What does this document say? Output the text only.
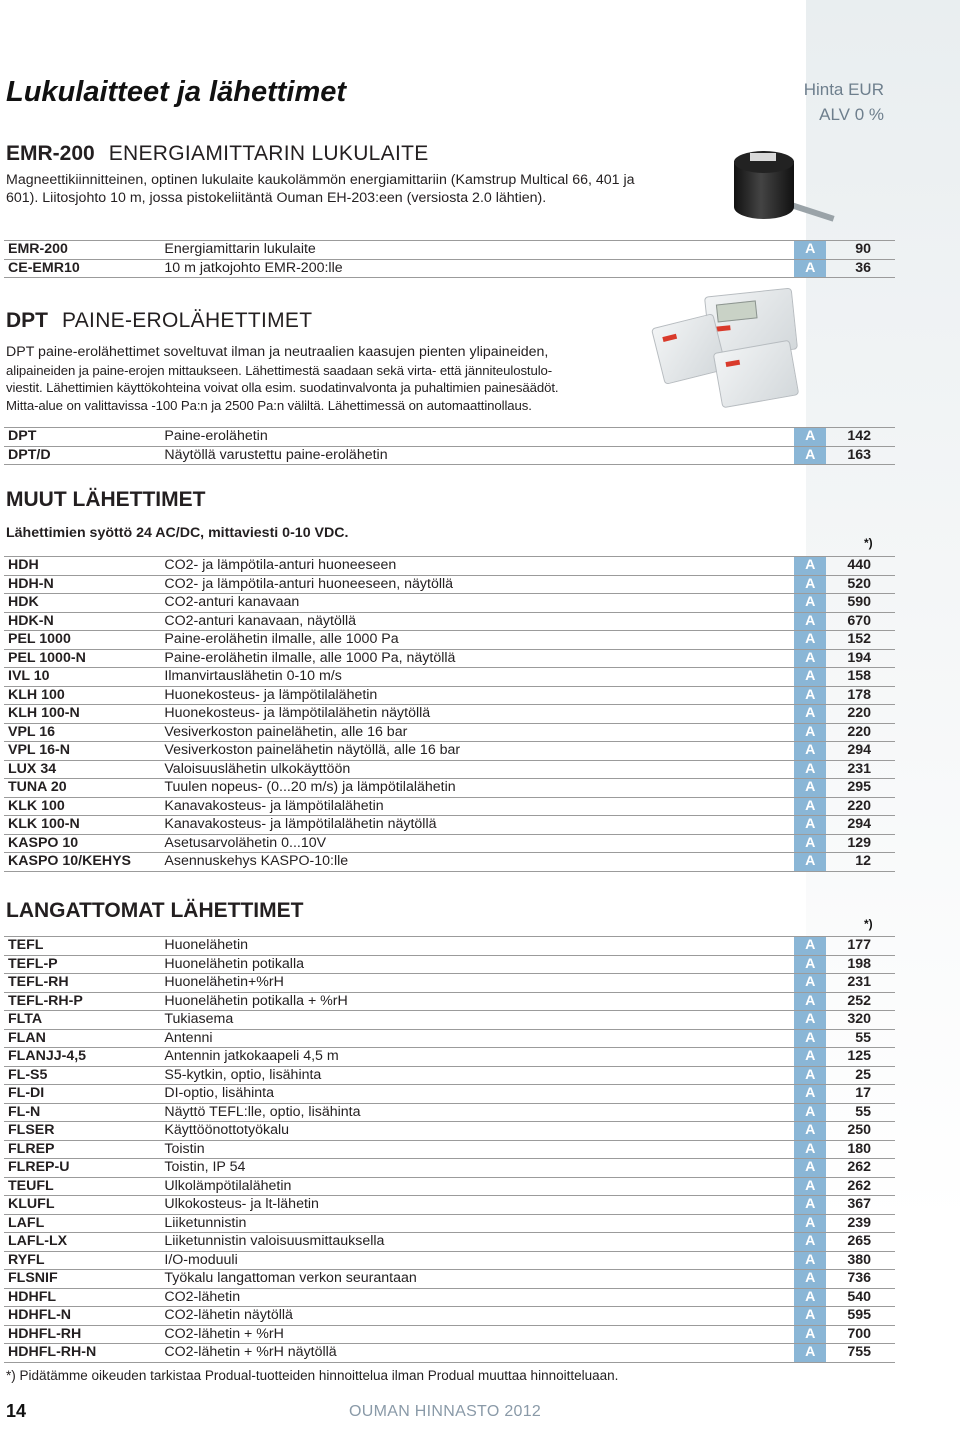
Lukulaitteet ja lähettimet	Hinta EUR
ALV 0 %
EMR-200 ENERGIAMITTARIN LUKULAITE
Magneettikiinnitteinen, optinen lukulaite kaukolämmön energiamittariin (Kamstrup Multical 66, 401 ja
601). Liitosjohto 10 m, jossa pistokeliitäntä Ouman EH-203:een (versiosta 2.0 lähtien).
EMR-200	Energiamittarin lukulaite	A	90
CE-EMR10	10 m jatkojohto EMR-200:lle	A	36
DPT PAINE-EROLÄHETTIMET
DPT paine-erolähettimet soveltuvat ilman ja neutraalien kaasujen pienten ylipaineiden,
alipaineiden ja paine-erojen mittaukseen. Lähettimestä saadaan sekä virta- että jänniteulostulo-
viestit. Lähettimien käyttökohteina voivat olla esim. suodatinvalvonta ja puhaltimien painesäädöt.
Mitta-alue on valittavissa -100 Pa:n ja 2500 Pa:n väliltä. Lähettimessä on automaattinollaus.
DPT	Paine-erolähetin	A	142
DPT/D	Näytöllä varustettu paine-erolähetin	A	163
MUUT LÄHETTIMET
Lähettimien syöttö 24 AC/DC, mittaviesti 0-10 VDC.
*)
HDH	CO2- ja lämpötila-anturi huoneeseen	A	440
HDH-N	CO2- ja lämpötila-anturi huoneeseen, näytöllä	A	520
HDK	CO2-anturi kanavaan	A	590
HDK-N	CO2-anturi kanavaan, näytöllä	A	670
PEL 1000	Paine-erolähetin ilmalle, alle 1000 Pa	A	152
PEL 1000-N	Paine-erolähetin ilmalle, alle 1000 Pa, näytöllä	A	194
IVL 10	Ilmanvirtauslähetin 0-10 m/s	A	158
KLH 100	Huonekosteus- ja lämpötilalähetin	A	178
KLH 100-N	Huonekosteus- ja lämpötilalähetin näytöllä	A	220
VPL 16	Vesiverkoston painelähetin, alle 16 bar	A	220
VPL 16-N	Vesiverkoston painelähetin näytöllä, alle 16 bar	A	294
LUX 34	Valoisuuslähetin ulkokäyttöön	A	231
TUNA 20	Tuulen nopeus- (0...20 m/s) ja lämpötilalähetin	A	295
KLK 100	Kanavakosteus- ja lämpötilalähetin	A	220
KLK 100-N	Kanavakosteus- ja lämpötilalähetin näytöllä	A	294
KASPO 10	Asetusarvolähetin 0...10V	A	129
KASPO 10/KEHYS	Asennuskehys KASPO-10:lle	A	12
LANGATTOMAT LÄHETTIMET
*)
TEFL	Huonelähetin	A	177
TEFL-P	Huonelähetin potikalla	A	198
TEFL-RH	Huonelähetin+%rH	A	231
TEFL-RH-P	Huonelähetin potikalla + %rH	A	252
FLTA	Tukiasema	A	320
FLAN	Antenni	A	55
FLANJJ-4,5	Antennin jatkokaapeli 4,5 m	A	125
FL-S5	S5-kytkin, optio, lisähinta	A	25
FL-DI	DI-optio, lisähinta	A	17
FL-N	Näyttö TEFL:lle, optio, lisähinta	A	55
FLSER	Käyttöönottotyökalu	A	250
FLREP	Toistin	A	180
FLREP-U	Toistin, IP 54	A	262
TEUFL	Ulkolämpötilalähetin	A	262
KLUFL	Ulkokosteus- ja lt-lähetin	A	367
LAFL	Liiketunnistin	A	239
LAFL-LX	Liiketunnistin valoisuusmittauksella	A	265
RYFL	I/O-moduuli	A	380
FLSNIF	Työkalu langattoman verkon seurantaan	A	736
HDHFL	CO2-lähetin	A	540
HDHFL-N	CO2-lähetin näytöllä	A	595
HDHFL-RH	CO2-lähetin + %rH	A	700
HDHFL-RH-N	CO2-lähetin + %rH näytöllä	A	755
*) Pidätämme oikeuden tarkistaa Produal-tuotteiden hinnoittelua ilman Produal muuttaa hinnoitteluaan.
14	OUMAN HINNASTO 2012
